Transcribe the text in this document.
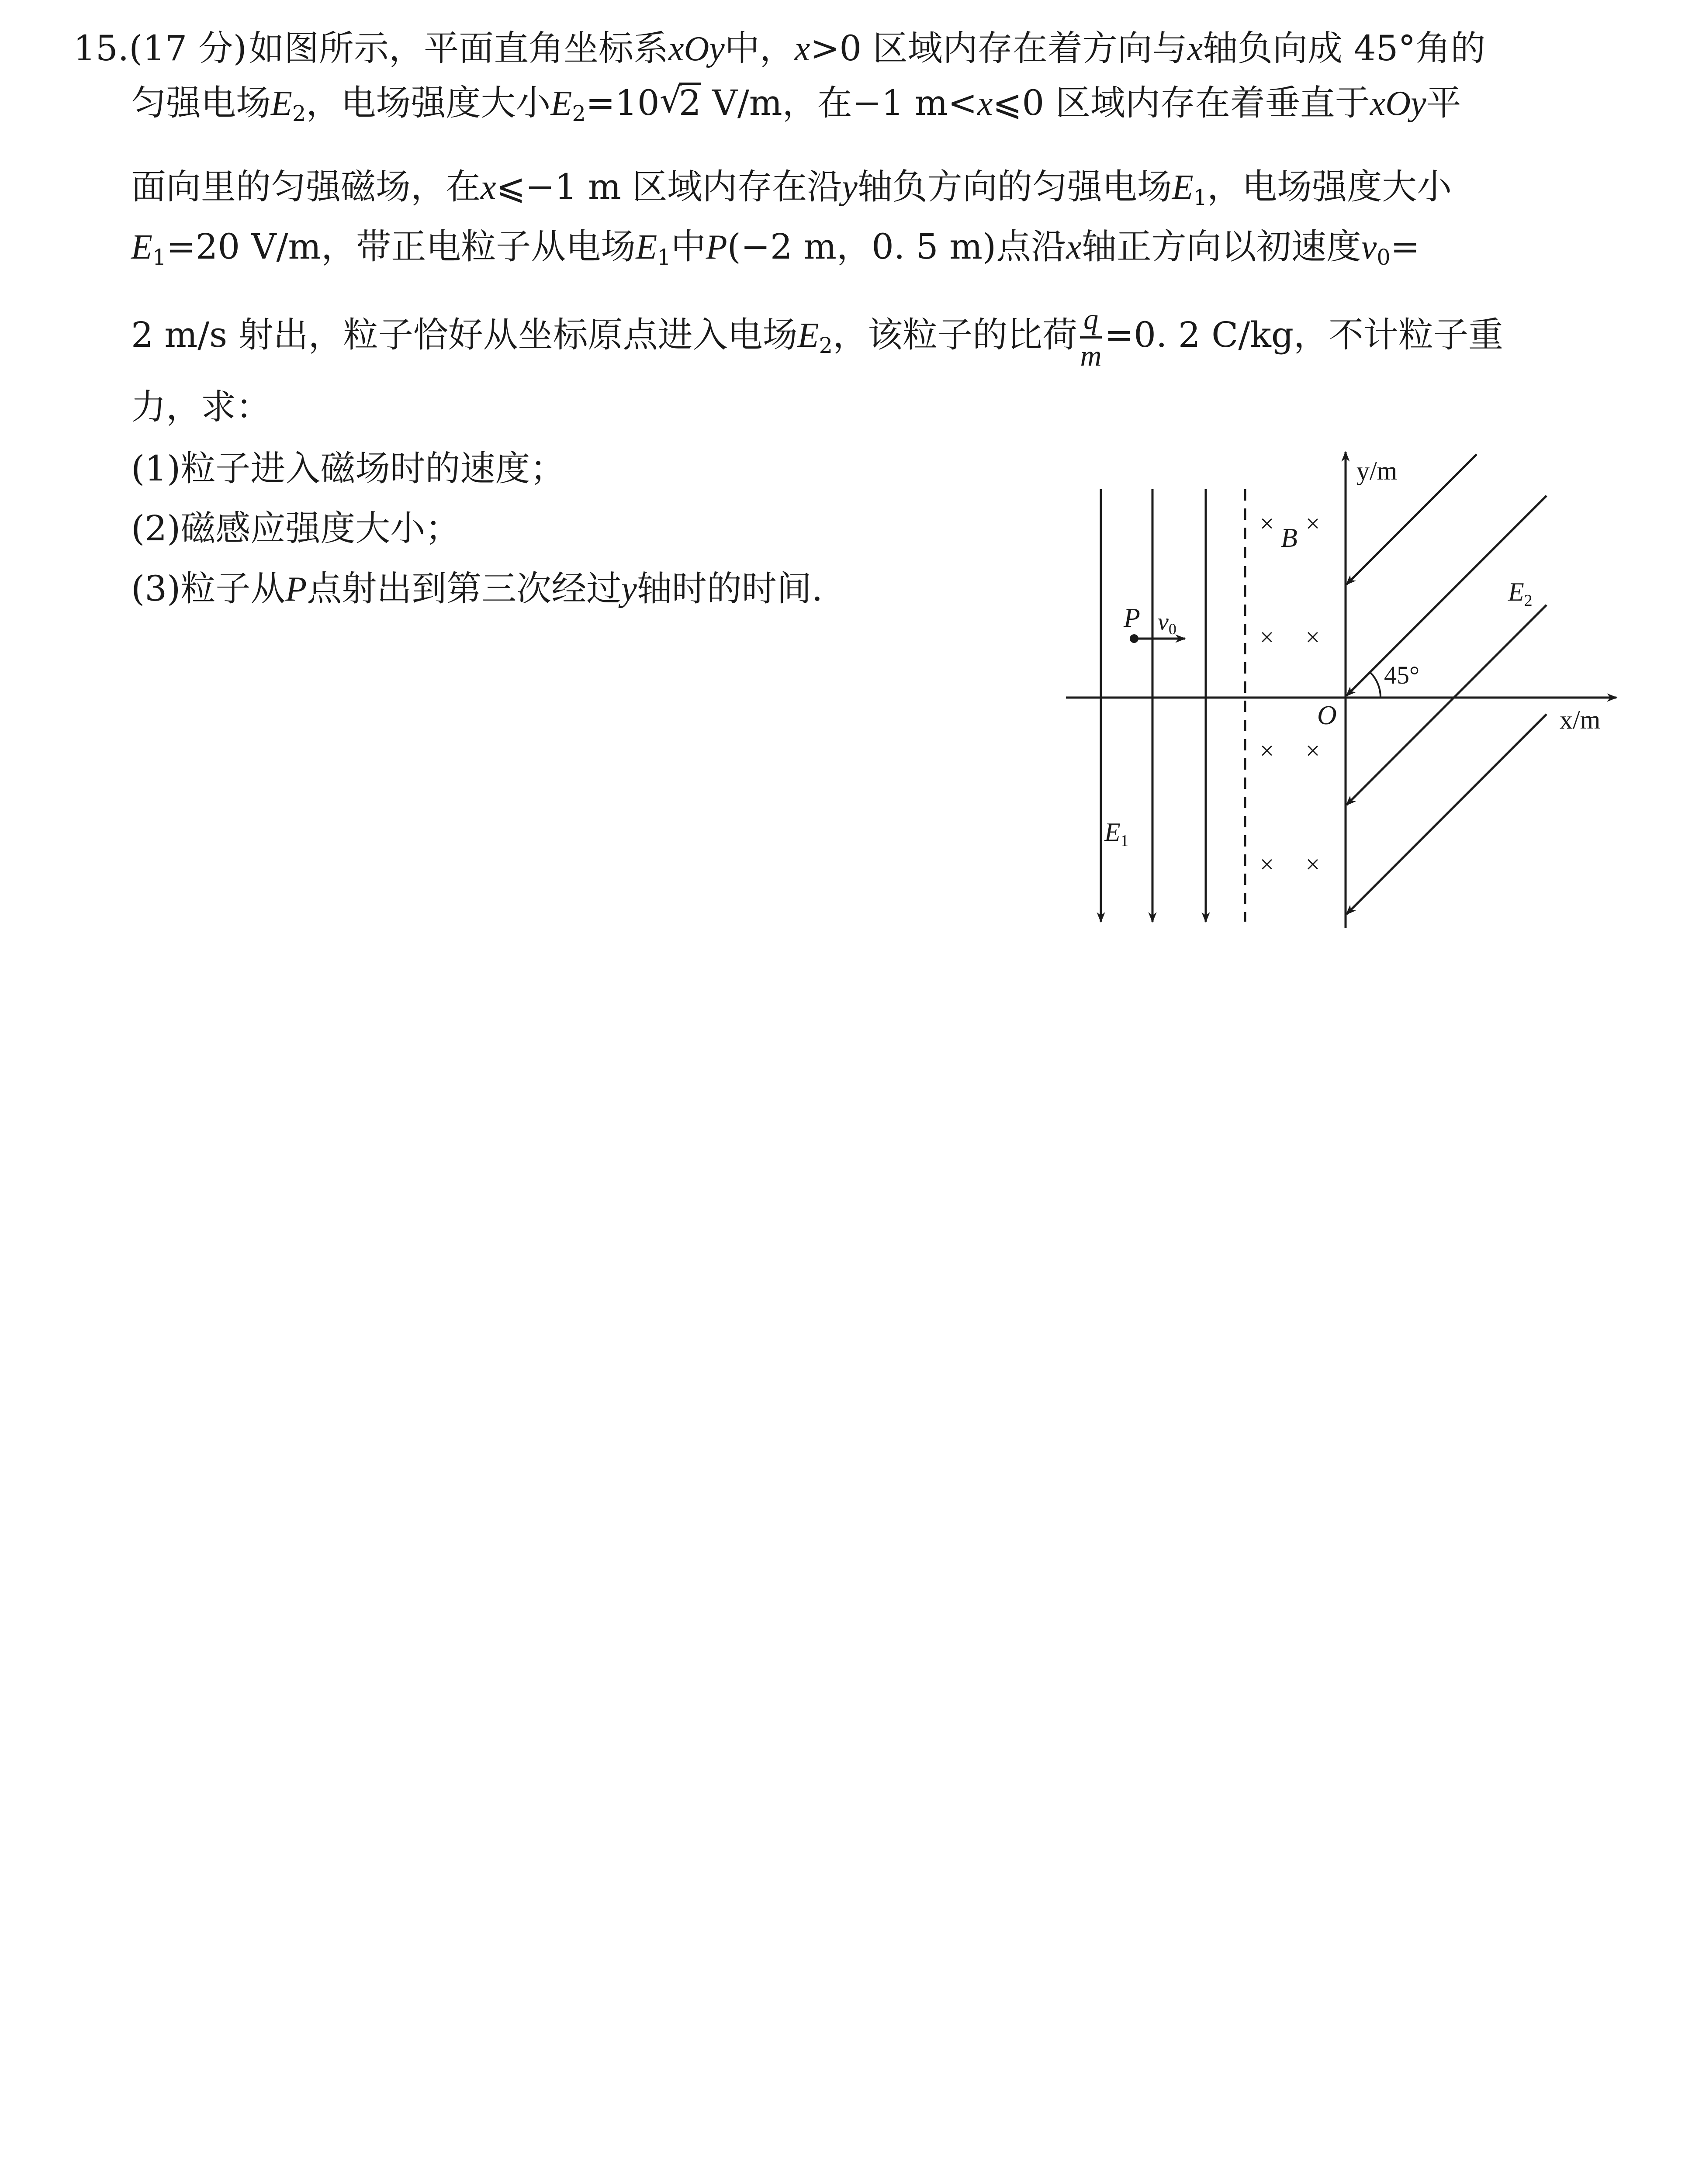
15.(17 分) 如图所示，平面直角坐标系xOy中，x>0 区域内存在着方向与x轴负向成 45°角的
匀强电场$E_2$，电场强度大小$E_2=10$ √
2 V/m，在−1 m<x⩽0 区域内存在着垂直于xOy平
面向里的匀强磁场，在x⩽−1 m 区域内存在沿y轴负方向的匀强电场$E_1$，电场强度大小
$E_1=20$ V/m，带正电粒子从电场$E_1$中P(−2 m，0. 5 m)点沿x轴正方向以初速度$v_0=$
2 m/s 射出，粒子恰好从坐标原点进入电场$E_2$，该粒子的比荷 $\frac{q}{m} =0$. 2 C/kg，不计粒子重
力，求：
(1)粒子进入磁场时的速度；
(2)磁感应强度大小；
(3)粒子从P点射出到第三次经过y轴时的时间.
45°
× ×
× ×
× ×
× ×
B
P v0
y/m
x/m
O
$E_2$
$E_1$
